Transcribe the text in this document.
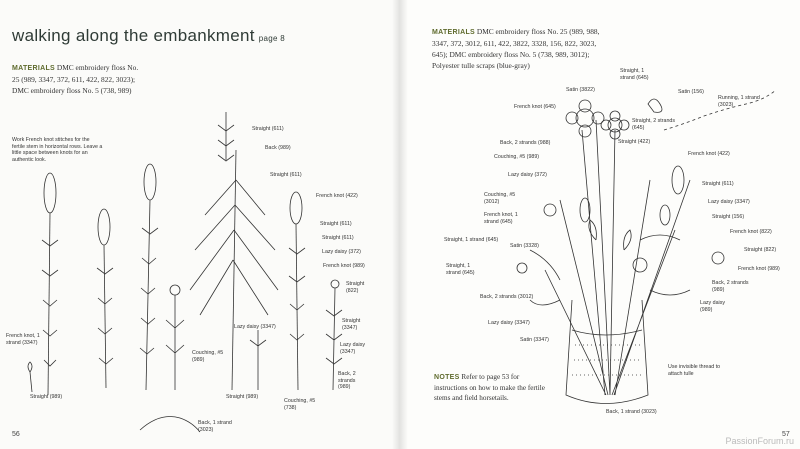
walking along the embankment page 8
MATERIALS DMC embroidery floss No.
25 (989, 3347, 372, 611, 422, 822, 3023);
DMC embroidery floss No. 5 (738, 989)
Work French knot stitches for the fertile stem in horizontal rows. Leave a little space between knots for an authentic look.
French knot, 1 strand (3347)
Straight (989)
Straight (611)
Back (989)
Straight (611)
French knot (422)
Straight (611)
Straight (611)
Lazy daisy (372)
French knot (989)
Straight (822)
Straight (3347)
Lazy daisy (3347)
Back, 2 strands (989)
Lazy daisy (3347)
Couching, #5 (989)
Straight (989)
Couching, #5 (738)
Back, 1 strand (3023)
56
MATERIALS DMC embroidery floss No. 25 (989, 988,
3347, 372, 3012, 611, 422, 3822, 3328, 156, 822, 3023,
645); DMC embroidery floss No. 5 (738, 989, 3012);
Polyester tulle scraps (blue-gray)
Satin (3822)
Straight, 1 strand (645)
Satin (156)
Running, 1 strand (3023)
French knot (645)
Straight, 2 strands (645)
Back, 2 strands (988)	Straight (422)
Couching, #5 (989)	French knot (422)
Lazy daisy (372)
Straight (611)
Couching, #5 (3012)	Lazy daisy (3347)
French knot, 1 strand (645)
Straight (156)
Straight, 1 strand (645)
Satin (3328)
French knot (822)
Straight (822)
Straight, 1 strand (645)
French knot (989)
Back, 2 strands (989)
Back, 2 strands (3012)
Lazy daisy (989)
Lazy daisy (3347)
Satin (3347)
Use invisible thread to attach tulle
Back, 1 strand (3023)
NOTES Refer to page 53 for instructions on how to make the fertile stems and field horsetails.
57
PassionForum.ru
